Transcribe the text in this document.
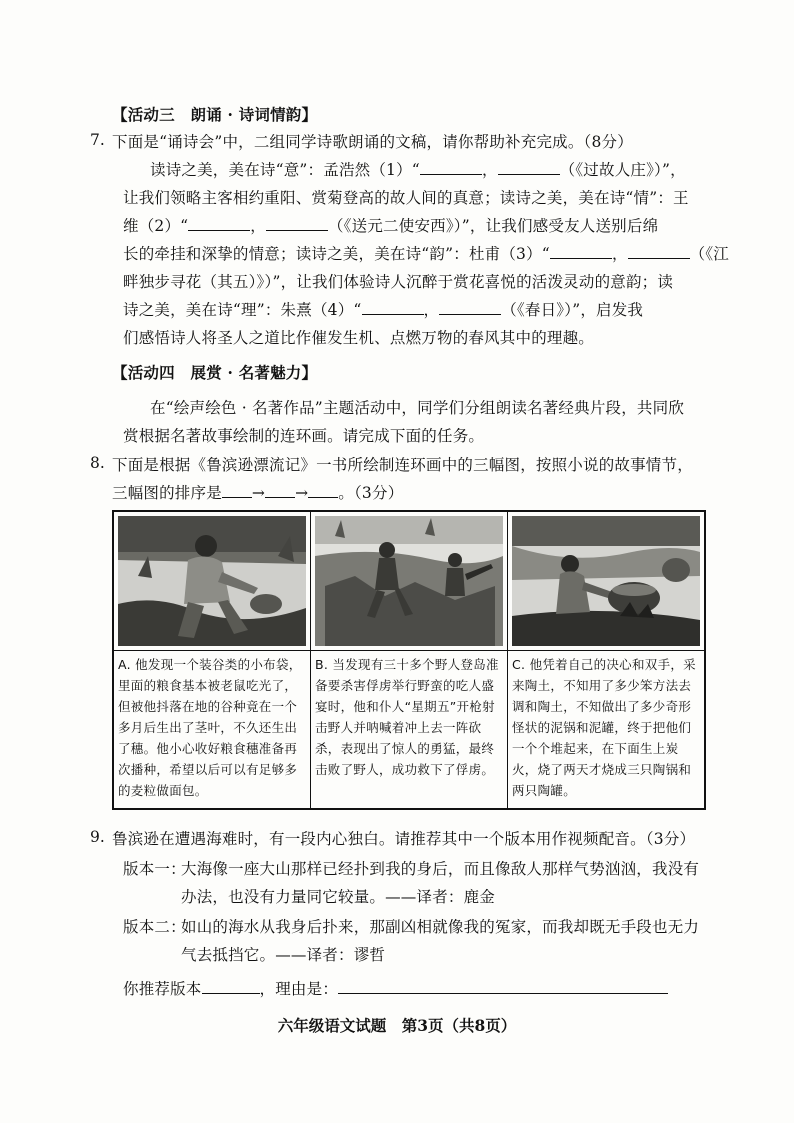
【活动三　朗诵 · 诗词情韵】
7. 下面是“诵诗会”中，二组同学诗歌朗诵的文稿，请你帮助补充完成。（8分）
读诗之美，美在诗“意”：孟浩然（1）“	，	（《过故人庄》）”，
让我们领略主客相约重阳、赏菊登高的故人间的真意；读诗之美，美在诗“情”：王
维（2）“	，	（《送元二使安西》）”，让我们感受友人送别后绵
长的牵挂和深挚的情意；读诗之美，美在诗“韵”：杜甫（3）“	，	（《江
畔独步寻花（其五）》）”，让我们体验诗人沉醉于赏花喜悦的活泼灵动的意韵；读
诗之美，美在诗“理”：朱熹（4）“	，	（《春日》）”，启发我
们感悟诗人将圣人之道比作催发生机、点燃万物的春风其中的理趣。
【活动四　展赏 · 名著魅力】
在“绘声绘色 · 名著作品”主题活动中，同学们分组朗读名著经典片段，共同欣
赏根据名著故事绘制的连环画。请完成下面的任务。
8. 下面是根据《鲁滨逊漂流记》一书所绘制连环画中的三幅图，按照小说的故事情节，
三幅图的排序是 → → 。（3分）

A. 他发现一个装谷类的小布袋，里面的粮食基本被老鼠吃光了，但被他抖落在地的谷种竟在一个多月后生出了茎叶，不久还生出了穗。他小心收好粮食穗准备再次播种，希望以后可以有足够多的麦粒做面包。	B. 当发现有三十多个野人登岛准备要杀害俘虏举行野蛮的吃人盛宴时，他和仆人“星期五”开枪射击野人并呐喊着冲上去一阵砍杀，表现出了惊人的勇猛，最终击败了野人，成功救下了俘虏。	C. 他凭着自己的决心和双手，采来陶土，不知用了多少笨方法去调和陶土，不知做出了多少奇形怪状的泥锅和泥罐，终于把他们一个个堆起来，在下面生上炭火，烧了两天才烧成三只陶锅和两只陶罐。
9. 鲁滨逊在遭遇海难时，有一段内心独白。请推荐其中一个版本用作视频配音。（3分）
版本一：
大海像一座大山那样已经扑到我的身后，而且像敌人那样气势汹汹，我没有
办法，也没有力量同它较量。——译者：鹿金
版本二：
如山的海水从我身后扑来，那副凶相就像我的冤家，而我却既无手段也无力
气去抵挡它。——译者：谬哲
你推荐版本	，理由是：
六年级语文试题　第3页（共8页）
